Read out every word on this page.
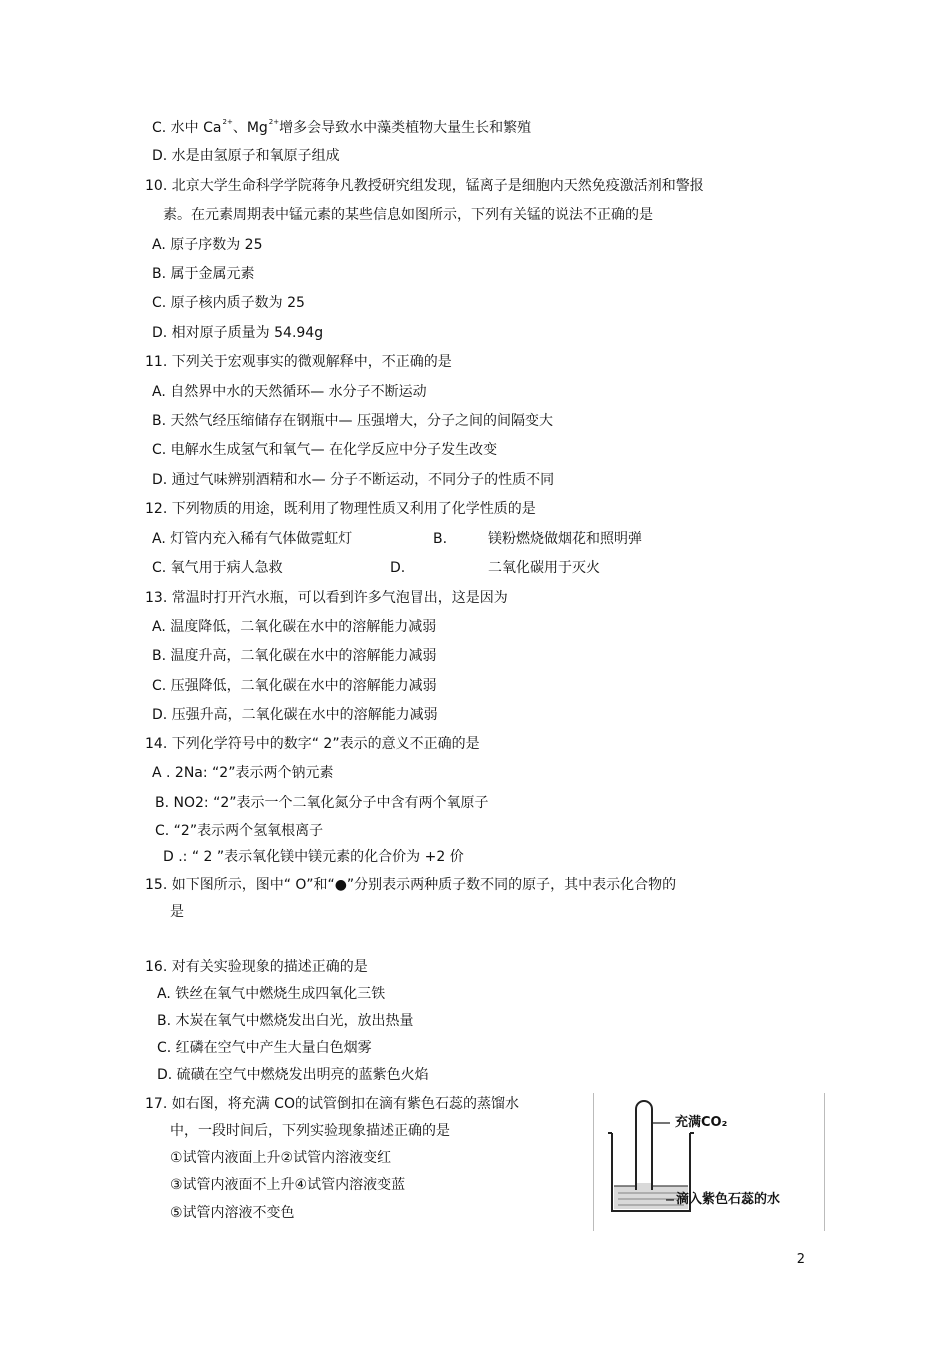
C. 水中 $Ca^{2+}$、$Mg^{2+}$增多会导致水中藻类植物大量生长和繁殖
D. 水是由氢原子和氧原子组成
10. 北京大学生命科学学院蒋争凡教授研究组发现，锰离子是细胞内天然免疫激活剂和警报
素。在元素周期表中锰元素的某些信息如图所示，下列有关锰的说法不正确的是
A. 原子序数为 25
B. 属于金属元素
C. 原子核内质子数为 25
D. 相对原子质量为 54.94g
11. 下列关于宏观事实的微观解释中，不正确的是
A. 自然界中水的天然循环— 水分子不断运动
B. 天然气经压缩储存在钢瓶中— 压强增大，分子之间的间隔变大
C. 电解水生成氢气和氧气— 在化学反应中分子发生改变
D. 通过气味辨别酒精和水— 分子不断运动，不同分子的性质不同
12. 下列物质的用途，既利用了物理性质又利用了化学性质的是
A. 灯管内充入稀有气体做霓虹灯	B.	镁粉燃烧做烟花和照明弹
C. 氧气用于病人急救	D.	二氧化碳用于灭火
13. 常温时打开汽水瓶，可以看到许多气泡冒出，这是因为
A. 温度降低，二氧化碳在水中的溶解能力减弱
B. 温度升高，二氧化碳在水中的溶解能力减弱
C. 压强降低，二氧化碳在水中的溶解能力减弱
D. 压强升高，二氧化碳在水中的溶解能力减弱
14. 下列化学符号中的数字“ 2”表示的意义不正确的是
A . 2Na: “2”表示两个钠元素
B. NO2: “2”表示一个二氧化氮分子中含有两个氧原子
C. “2”表示两个氢氧根离子
D .: “ 2 ”表示氧化镁中镁元素的化合价为 +2 价
15. 如下图所示，图中“ O”和“●”分别表示两种质子数不同的原子，其中表示化合物的
是
16. 对有关实验现象的描述正确的是
A. 铁丝在氧气中燃烧生成四氧化三铁
B. 木炭在氧气中燃烧发出白光，放出热量
C. 红磷在空气中产生大量白色烟雾
D. 硫磺在空气中燃烧发出明亮的蓝紫色火焰
17. 如右图，将充满 CO的试管倒扣在滴有紫色石蕊的蒸馏水
中，一段时间后，下列实验现象描述正确的是
①试管内液面上升②试管内溶液变红
③试管内液面不上升④试管内溶液变蓝
⑤试管内溶液不变色
充满CO₂
滴入紫色石蕊的水
2
